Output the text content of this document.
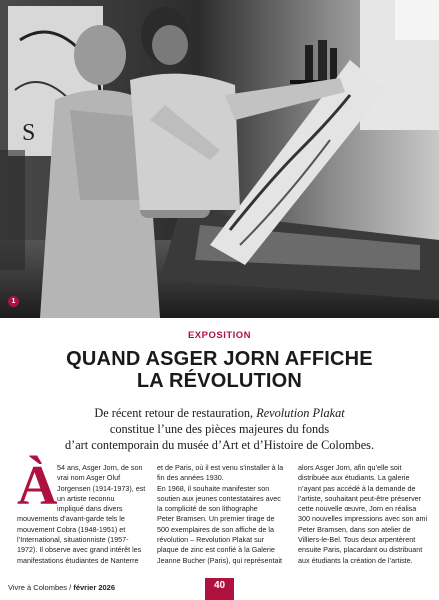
S
1
EXPOSITION
QUAND ASGER JORN AFFICHE
LA RÉVOLUTION
De récent retour de restauration, Revolution Plakat
constitue l’une des pièces majeures du fonds
d’art contemporain du musée d’Art et d’Histoire de Colombes.
À 54 ans, Asger Jorn, de son
vrai nom Asger Oluf
Jorgensen (1914-1973), est
un artiste reconnu
impliqué dans divers
mouvements d’avant-garde tels le
mouvement Cobra (1948-1951) et
l’International, situationniste (1957-
1972). Il observe avec grand intérêt les
manifestations étudiantes de Nanterre
et de Paris, où il est venu s’installer à la
fin des années 1930.
En 1968, il souhaite manifester son
soutien aux jeunes contestataires avec
la complicité de son lithographe
Peter Bramsen. Un premier tirage de
500 exemplaires de son affiche de la
révolution – Revolution Plakat sur
plaque de zinc est confié à la Galerie
Jeanne Bucher (Paris), qui représentait
alors Asger Jorn, afin qu’elle soit
distribuée aux étudiants. La galerie
n’ayant pas accédé à la demande de
l’artiste, souhaitant peut-être préserver
cette nouvelle œuvre, Jorn en réalisa
300 nouvelles impressions avec son ami
Peter Bramsen, dans son atelier de
Villiers-le-Bel. Tous deux arpentèrent
ensuite Paris, placardant ou distribuant
aux étudiants la création de l’artiste.
Vivre à Colombes / février 2026	40
